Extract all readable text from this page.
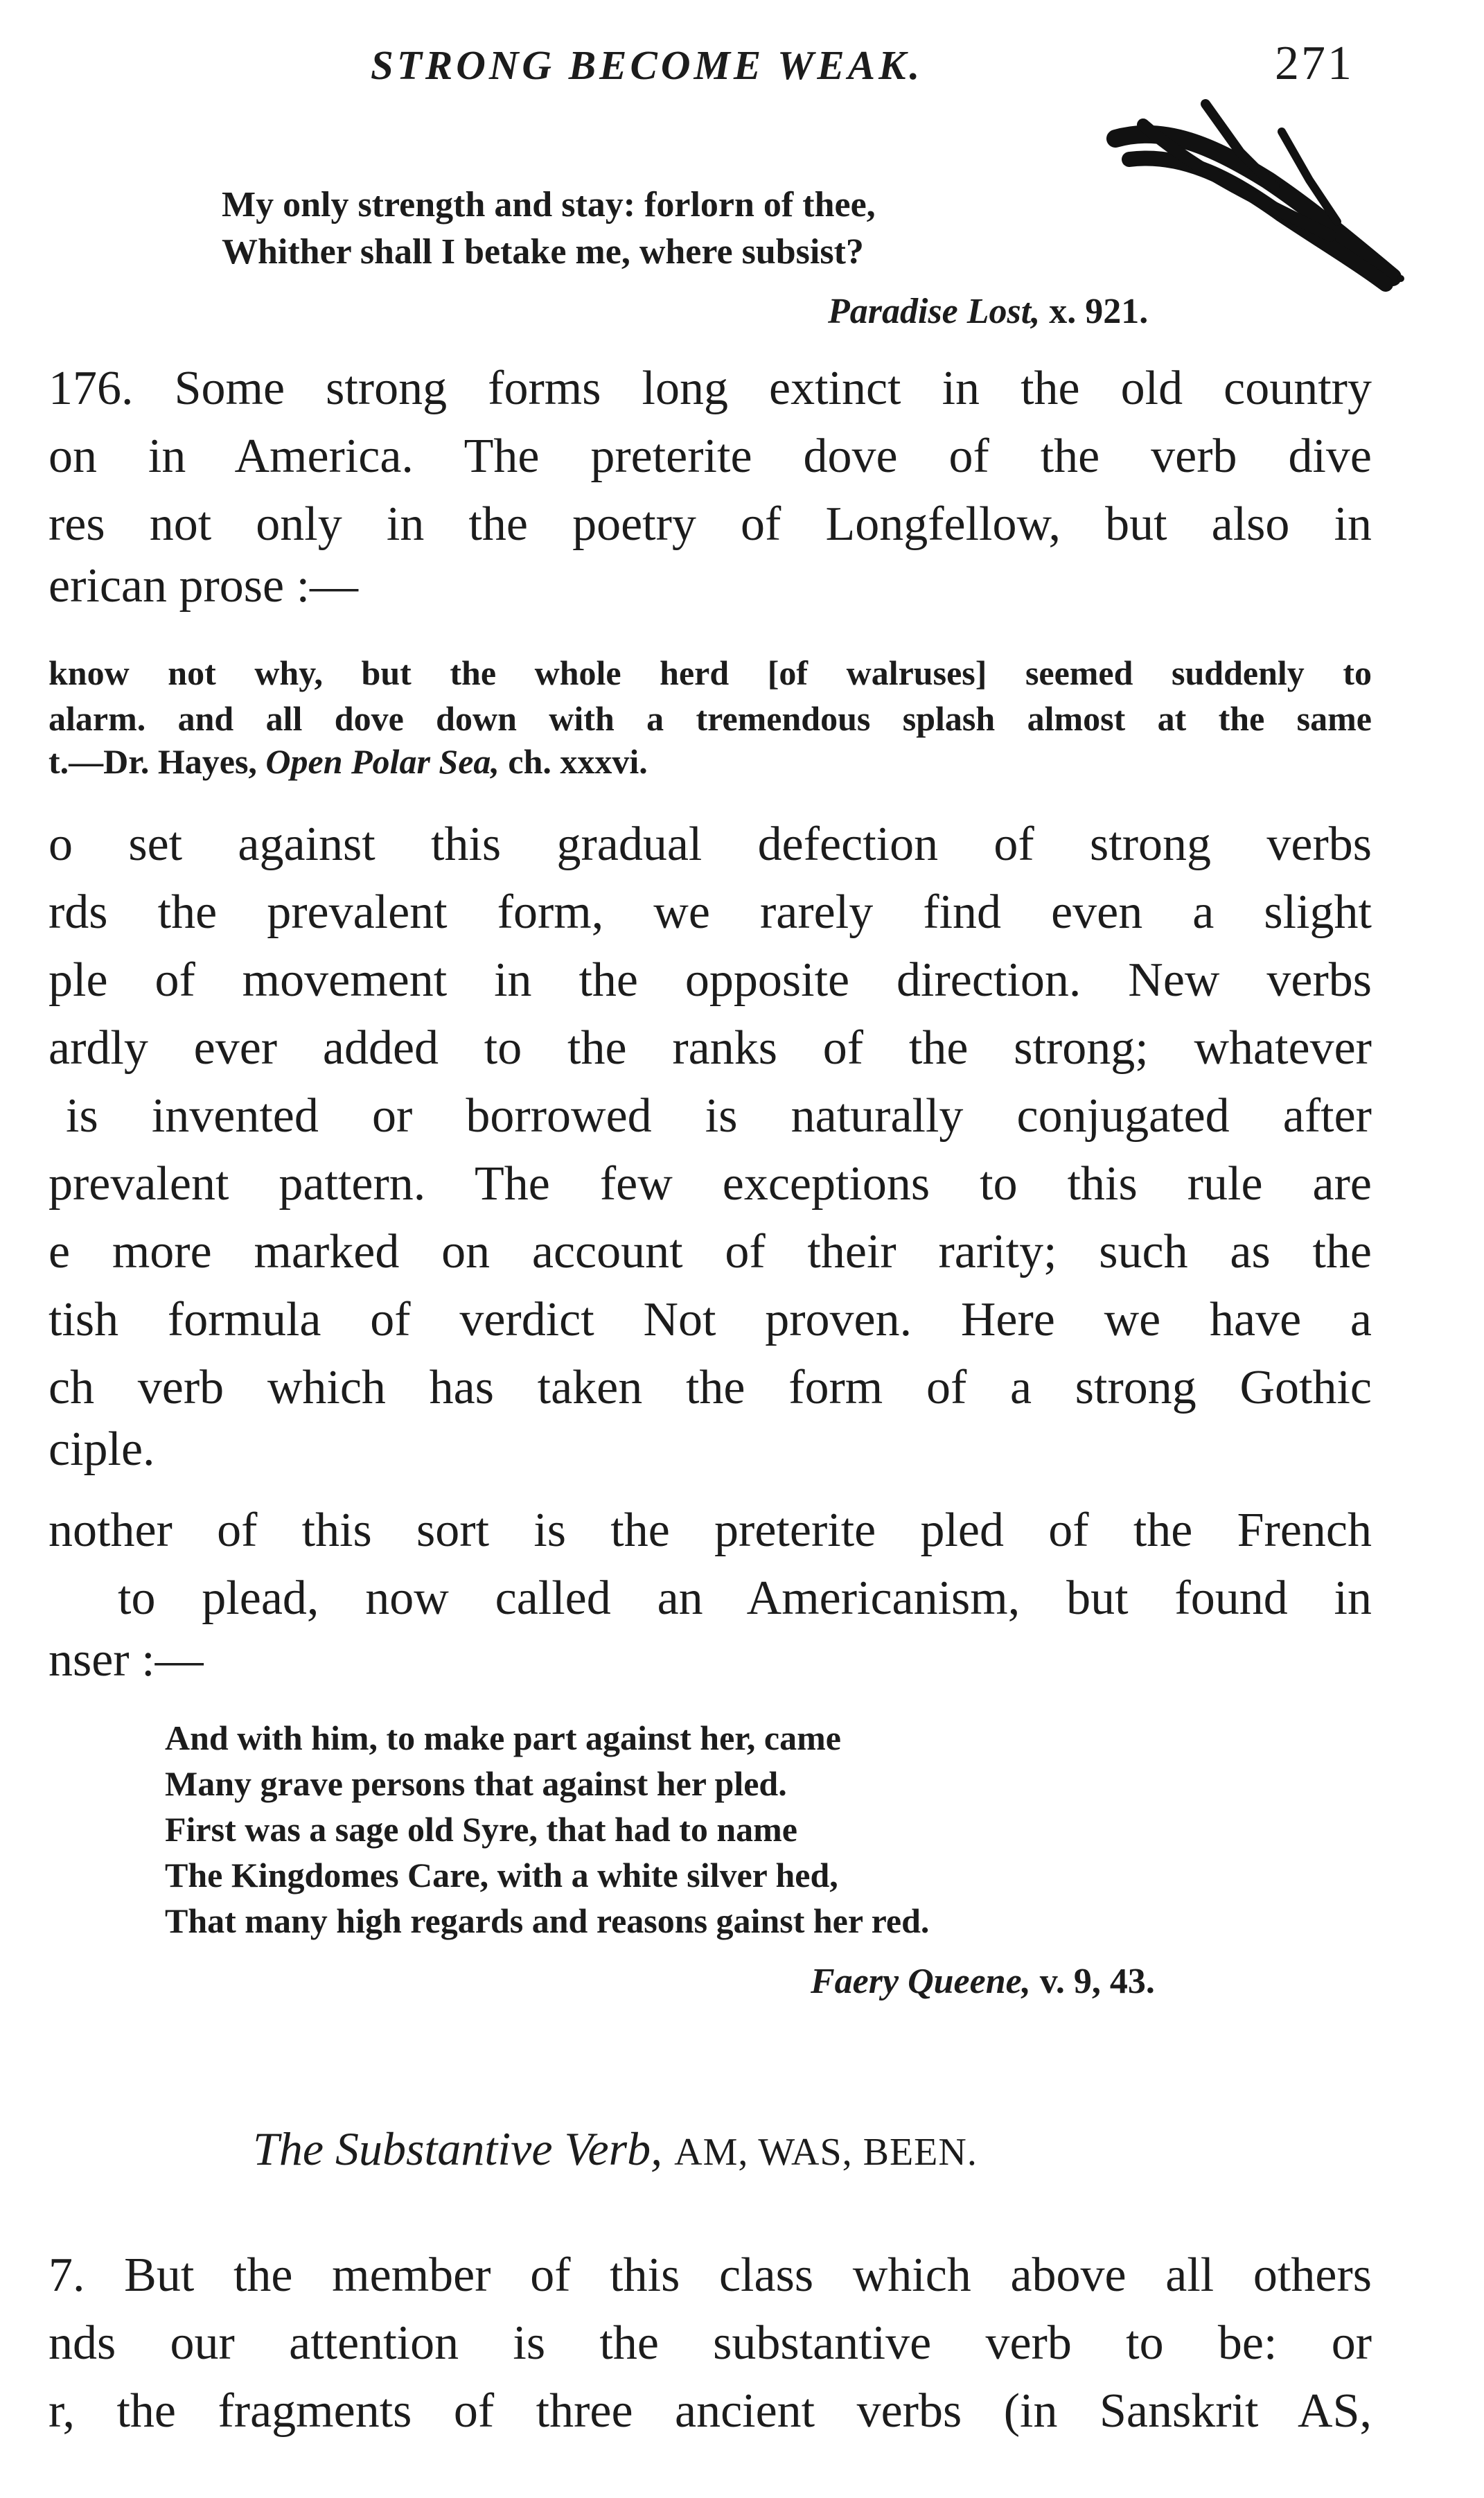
STRONG BECOME WEAK.	271
My only strength and stay: forlorn of thee,
Whither shall I betake me, where subsist?
Paradise Lost, x. 921.
176. Some strong forms long extinct in the old country
on in America. The preterite dove of the verb dive
res not only in the poetry of Longfellow, but also in
erican prose :—
know not why, but the whole herd [of walruses] seemed suddenly to
alarm. and all dove down with a tremendous splash almost at the same
t.—Dr. Hayes, Open Polar Sea, ch. xxxvi.
o set against this gradual defection of strong verbs
rds the prevalent form, we rarely find even a slight
ple of movement in the opposite direction. New verbs
ardly ever added to the ranks of the strong; whatever
is invented or borrowed is naturally conjugated after
prevalent pattern. The few exceptions to this rule are
e more marked on account of their rarity; such as the
tish formula of verdict Not proven. Here we have a
ch verb which has taken the form of a strong Gothic
ciple.
nother of this sort is the preterite pled of the French
to plead, now called an Americanism, but found in
nser :—
And with him, to make part against her, came
Many grave persons that against her pled.
First was a sage old Syre, that had to name
The Kingdomes Care, with a white silver hed,
That many high regards and reasons gainst her red.
Faery Queene, v. 9, 43.
The Substantive Verb, AM, WAS, BEEN.
7. But the member of this class which above all others
nds our attention is the substantive verb to be: or
r, the fragments of three ancient verbs (in Sanskrit AS,
